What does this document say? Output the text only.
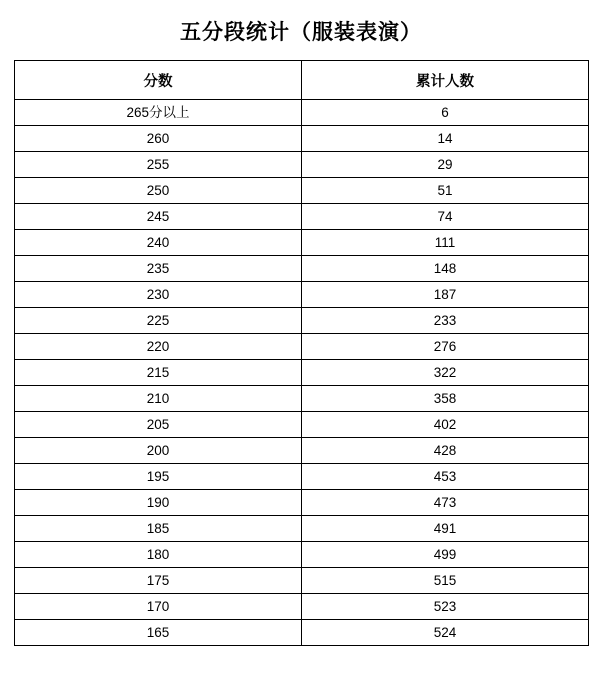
五分段统计（服装表演）
分数	累计人数
265分以上	6
260	14
255	29
250	51
245	74
240	111
235	148
230	187
225	233
220	276
215	322
210	358
205	402
200	428
195	453
190	473
185	491
180	499
175	515
170	523
165	524
